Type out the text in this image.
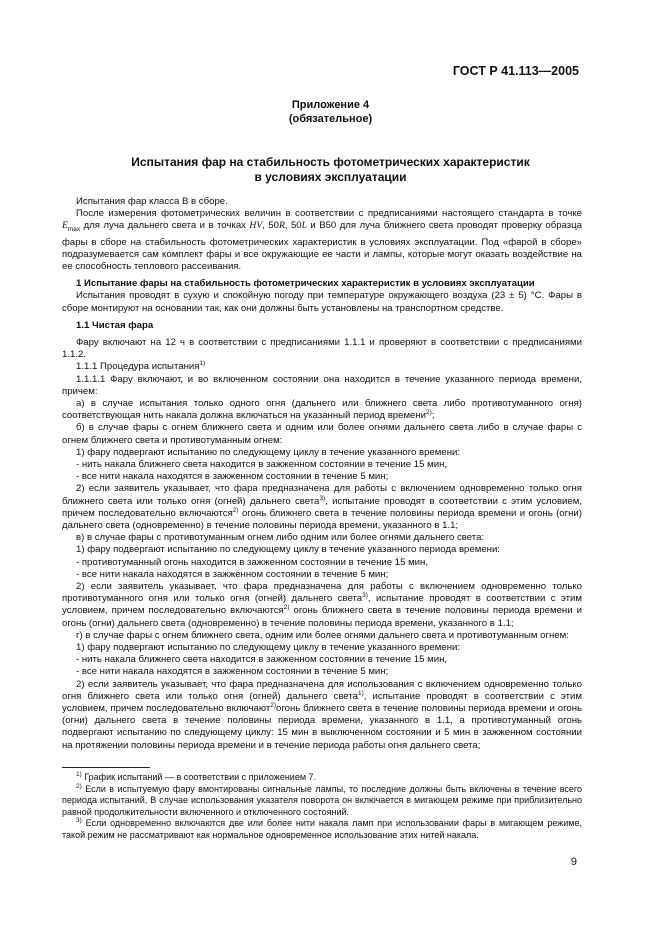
ГОСТ Р 41.113—2005
Приложение 4
(обязательное)
Испытания фар на стабильность фотометрических характеристик
в условиях эксплуатации

Испытания фар класса В в сборе.

После измерения фотометрических величин в соответствии с предписаниями настоящего стандарта в точке $E_{max}$ для луча дальнего света и в точках HV, 50R, 50L и B50 для луча ближнего света проводят проверку образца фары в сборе на стабильность фотометрических характеристик в условиях эксплуатации. Под «фарой в сборе» подразумевается сам комплект фары и все окружающие ее части и лампы, которые могут оказать воздействие на ее способность теплового рассеивания.

1 Испытание фары на стабильность фотометрических характеристик в условиях эксплуатации

Испытания проводят в сухую и спокойную погоду при температуре окружающего воздуха (23 ± 5) °С. Фары в сборе монтируют на основании так, как они должны быть установлены на транспортном средстве.

1.1 Чистая фара

Фару включают на 12 ч в соответствии с предписаниями 1.1.1 и проверяют в соответствии с предписаниями 1.1.2.

1.1.1 Процедура испытания$^{1)}$

1.1.1.1 Фару включают, и во включенном состоянии она находится в течение указанного периода времени, причем:

а) в случае испытания только одного огня (дальнего или ближнего света либо противотуманного огня) соответствующая нить накала должна включаться на указанный период времени$^{2)}$;

б) в случае фары с огнем ближнего света и одним или более огнями дальнего света либо в случае фары с огнем ближнего света и противотуманным огнем:

1) фару подвергают испытанию по следующему циклу в течение указанного времени:

- нить накала ближнего света находится в зажженном состоянии в течение 15 мин,

- все нити накала находятся в зажженном состоянии в течение 5 мин;

2) если заявитель указывает, что фара предназначена для работы с включением одновременно только огня ближнего света или только огня (огней) дальнего света$^{3)}$, испытание проводят в соответствии с этим условием, причем последовательно включаются$^{2)}$ огонь ближнего света в течение половины периода времени и огонь (огни) дальнего света (одновременно) в течение половины периода времени, указанного в 1.1;

в) в случае фары с противотуманным огнем либо одним или более огнями дальнего света:

1) фару подвергают испытанию по следующему циклу в течение указанного периода времени:

- противотуманный огонь находится в зажженном состоянии в течение 15 мин,

- все нити накала находятся в зажженном состоянии в течение 5 мин;

2) если заявитель указывает, что фара предназначена для работы с включением одновременно только противотуманного огня или только огня (огней) дальнего света$^{3)}$, испытание проводят в соответствии с этим условием, причем последовательно включаются$^{2)}$ огонь ближнего света в течение половины периода времени и огонь (огни) дальнего света (одновременно) в течение половины периода времени, указанного в 1.1;

г) в случае фары с огнем ближнего света, одним или более огнями дальнего света и противотуманным огнем:

1) фару подвергают испытанию по следующему циклу в течение указанного времени:

- нить накала ближнего света находится в зажженном состоянии в течение 15 мин,

- все нити накала находятся в зажженном состоянии в течение 5 мин;

2) если заявитель указывает, что фара предназначена для использования с включением одновременно только огня ближнего света или только огня (огней) дальнего света$^{1)}$, испытание проводят в соответствии с этим условием, причем последовательно включают$^{2)}$огонь ближнего света в течение половины периода времени и огонь (огни) дальнего света в течение половины периода времени, указанного в 1.1, а противотуманный огонь подвергают испытанию по следующему циклу: 15 мин в выключенном состоянии и 5 мин в зажженном состоянии на протяжении половины периода времени и в течение периода работы огня дальнего света;

$^{1)}$ График испытаний — в соответствии с приложением 7.

$^{2)}$ Если в испытуемую фару вмонтированы сигнальные лампы, то последние должны быть включены в течение всего периода испытаний, В случае использования указателя поворота он включается в мигающем режиме при приблизительно равной продолжительности включенного и отключенного состояний.

$^{3)}$ Если одновременно включаются две или более нити накала ламп при использовании фары в мигающем режиме, такой режим не рассматривают как нормальное одновременное использование этих нитей накала.

9
